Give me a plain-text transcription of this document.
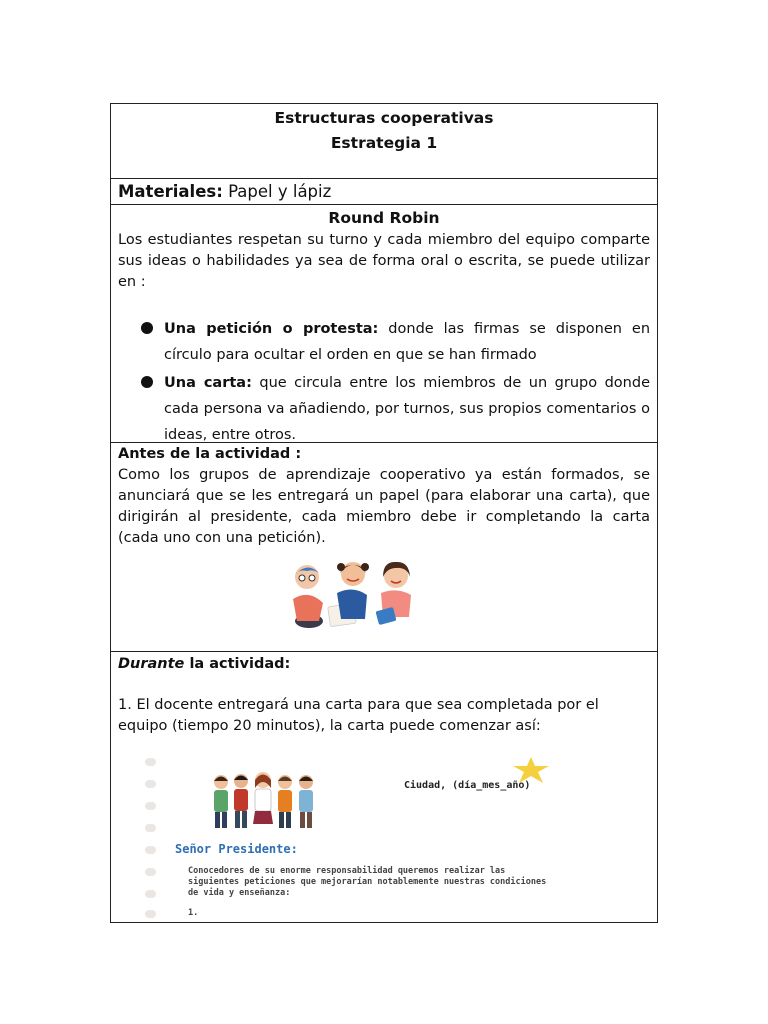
Estructuras cooperativas
Estrategia 1
Materiales: Papel y lápiz
Round Robin

Los estudiantes respetan su turno y cada miembro del equipo comparte sus ideas o habilidades ya sea de forma oral o escrita, se puede utilizar en :

Una petición o protesta: donde las firmas se disponen en círculo para ocultar el orden en que se han firmado
Una carta: que circula entre los miembros de un grupo donde cada persona va añadiendo, por turnos, sus propios comentarios o ideas, entre otros.
Antes de la actividad :

Como los grupos de aprendizaje cooperativo ya están formados, se anunciará que se les entregará un papel (para elaborar una carta), que dirigirán al presidente, cada miembro debe ir completando la carta (cada uno con una petición).

Durante la actividad:

1. El docente entregará una carta para que sea completada por el equipo (tiempo 20 minutos), la carta puede comenzar así:

Ciudad, (día_mes_año)
Señor Presidente:
Conocedores de su enorme responsabilidad queremos realizar las siguientes peticiones que mejorarían notablemente nuestras condiciones de vida y enseñanza:
1.
